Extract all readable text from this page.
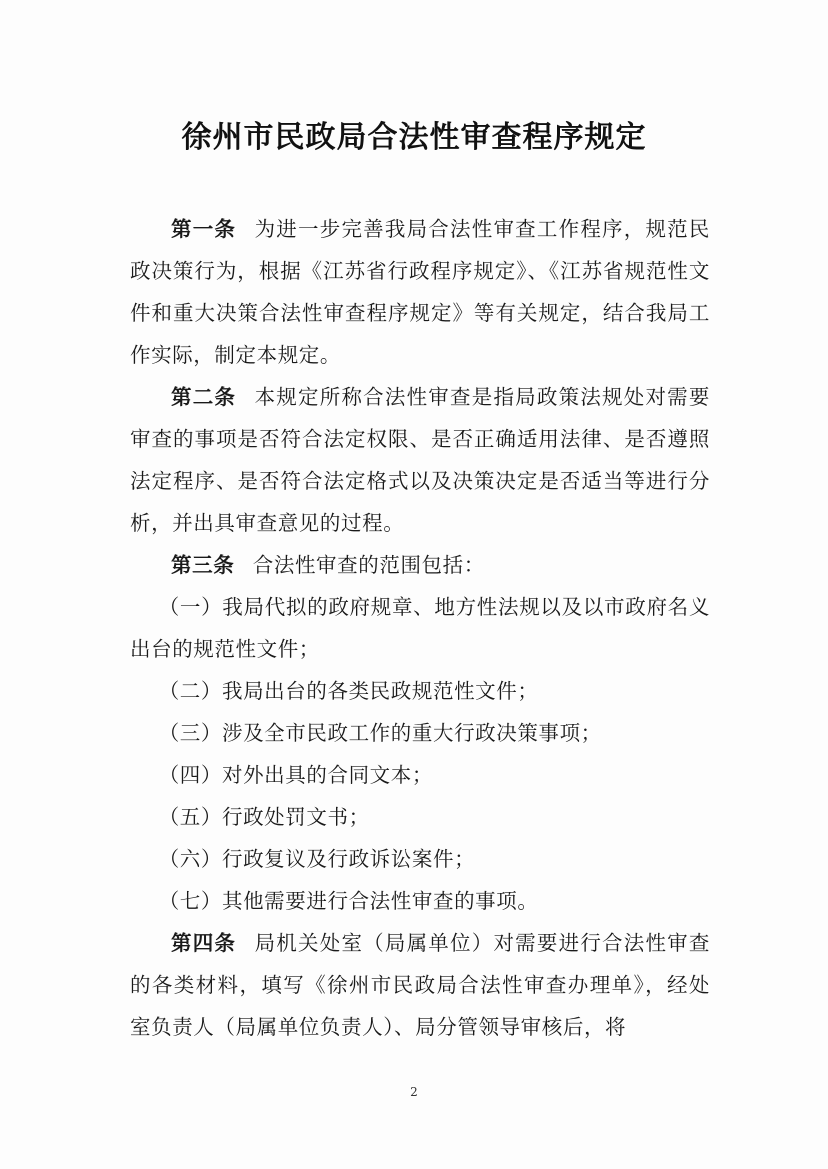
徐州市民政局合法性审查程序规定

第一条 为进一步完善我局合法性审查工作程序，规范民政决策行为，根据《江苏省行政程序规定》、《江苏省规范性文件和重大决策合法性审查程序规定》等有关规定，结合我局工作实际，制定本规定。

第二条 本规定所称合法性审查是指局政策法规处对需要审查的事项是否符合法定权限、是否正确适用法律、是否遵照法定程序、是否符合法定格式以及决策决定是否适当等进行分析，并出具审查意见的过程。

第三条 合法性审查的范围包括：

（一）我局代拟的政府规章、地方性法规以及以市政府名义出台的规范性文件；

（二）我局出台的各类民政规范性文件；

（三）涉及全市民政工作的重大行政决策事项；

（四）对外出具的合同文本；

（五）行政处罚文书；

（六）行政复议及行政诉讼案件；

（七）其他需要进行合法性审查的事项。

第四条 局机关处室（局属单位）对需要进行合法性审查的各类材料，填写《徐州市民政局合法性审查办理单》，经处室负责人（局属单位负责人）、局分管领导审核后，将

2
